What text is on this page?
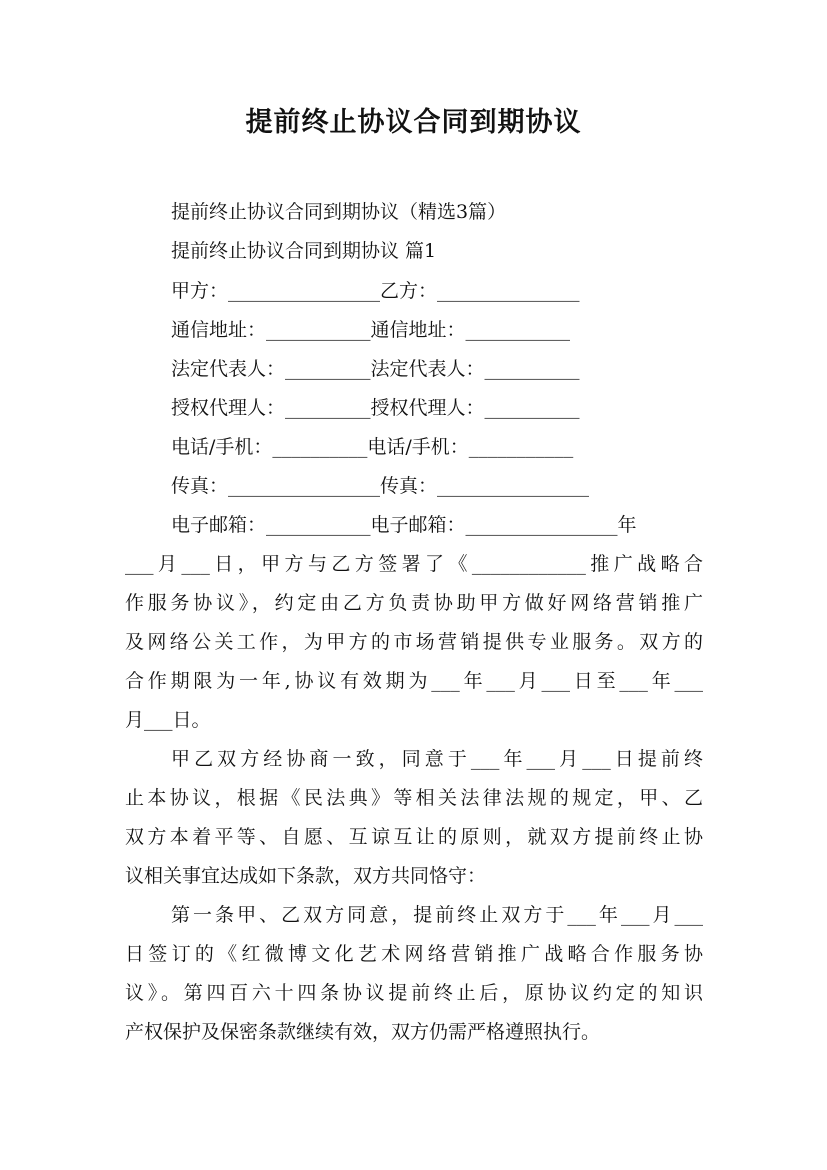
提前终止协议合同到期协议
提前终止协议合同到期协议（精选3篇）
提前终止协议合同到期协议 篇1
甲方：________________乙方：_______________
通信地址：___________通信地址：___________
法定代表人：_________法定代表人：__________
授权代理人：_________授权代理人：__________
电话/手机：__________电话/手机：___________
传真：________________传真：________________
电子邮箱：___________电子邮箱：________________年
___月___日，甲方与乙方签署了《____________推广战略合
作服务协议》，约定由乙方负责协助甲方做好网络营销推广
及网络公关工作，为甲方的市场营销提供专业服务。双方的
合作期限为一年,协议有效期为___年___月___日至___年___
月___日。
甲乙双方经协商一致，同意于___年___月___日提前终
止本协议，根据《民法典》等相关法律法规的规定，甲、乙
双方本着平等、自愿、互谅互让的原则，就双方提前终止协
议相关事宜达成如下条款，双方共同恪守：
第一条甲、乙双方同意，提前终止双方于___年___月___
日签订的《红微博文化艺术网络营销推广战略合作服务协
议》。第四百六十四条协议提前终止后，原协议约定的知识
产权保护及保密条款继续有效，双方仍需严格遵照执行。
